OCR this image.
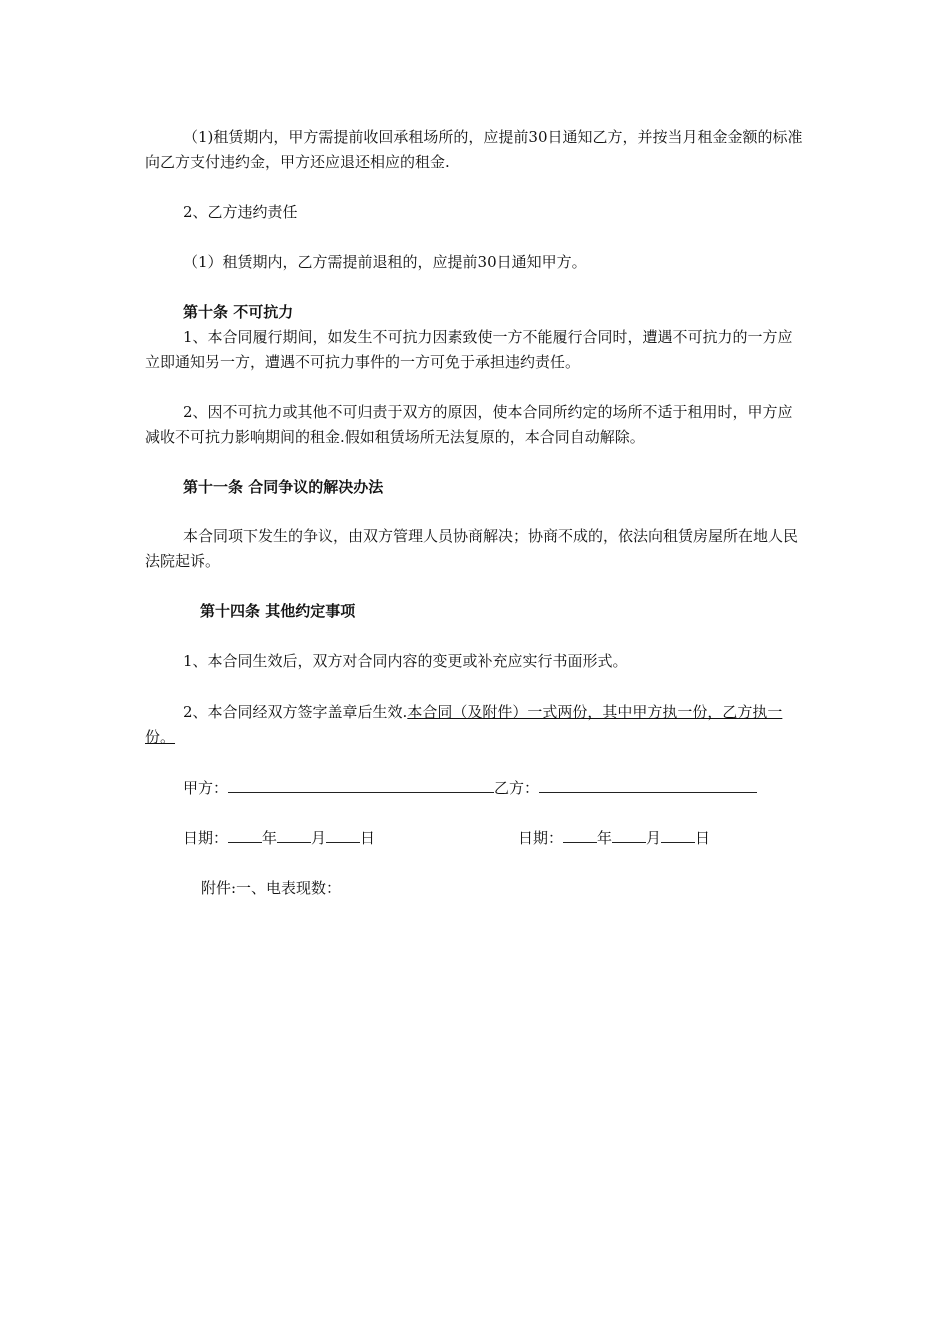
（1)租赁期内，甲方需提前收回承租场所的，应提前30日通知乙方，并按当月租金金额的标准向乙方支付违约金，甲方还应退还相应的租金.
2、乙方违约责任
（1）租赁期内，乙方需提前退租的，应提前30日通知甲方。
第十条 不可抗力
1、本合同履行期间，如发生不可抗力因素致使一方不能履行合同时，遭遇不可抗力的一方应立即通知另一方，遭遇不可抗力事件的一方可免于承担违约责任。
2、因不可抗力或其他不可归责于双方的原因，使本合同所约定的场所不适于租用时，甲方应减收不可抗力影响期间的租金.假如租赁场所无法复原的，本合同自动解除。
第十一条 合同争议的解决办法
本合同项下发生的争议，由双方管理人员协商解决；协商不成的，依法向租赁房屋所在地人民法院起诉。
第十四条 其他约定事项
1、本合同生效后，双方对合同内容的变更或补充应实行书面形式。
2、本合同经双方签字盖章后生效.本合同（及附件）一式两份，其中甲方执一份，乙方执一份。
甲方：	乙方：
日期： 年 月 日	日期： 年 月 日
附件:一、电表现数：
